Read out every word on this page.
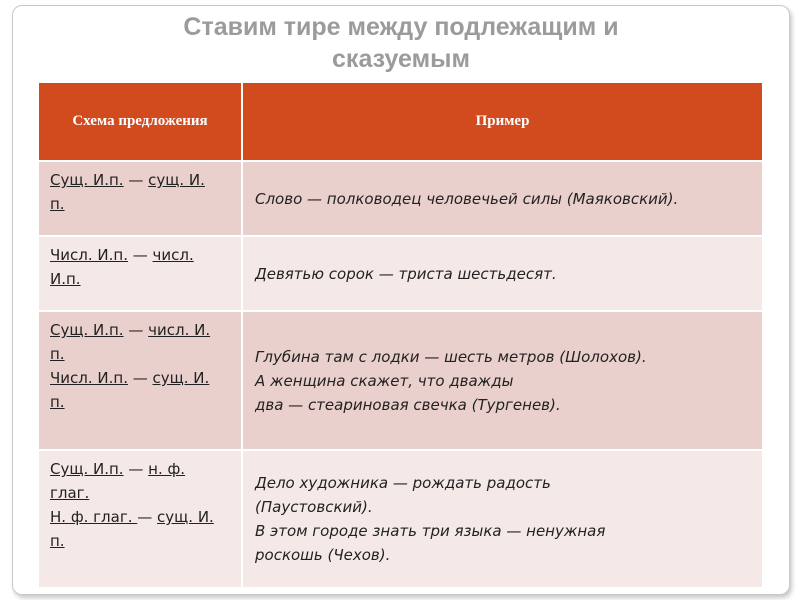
Ставим тире между подлежащим и
сказуемым
Схема предложения	Пример

Сущ. И.п. — сущ. И.
п.	Слово — полководец человечьей силы (Маяковский).

Числ. И.п. — числ.
И.п.	Девятью сорок — триста шестьдесят.

Сущ. И.п. — числ. И.
п.
Числ. И.п. — сущ. И.
п.	Глубина там с лодки — шесть метров (Шолохов).
А женщина скажет, что дважды
два — стеариновая свечка (Тургенев).

Сущ. И.п. — н. ф.
глаг.
Н. ф. глаг. — сущ. И.
п.	Дело художника — рождать радость
(Паустовский).
В этом городе знать три языка — ненужная
роскошь (Чехов).
